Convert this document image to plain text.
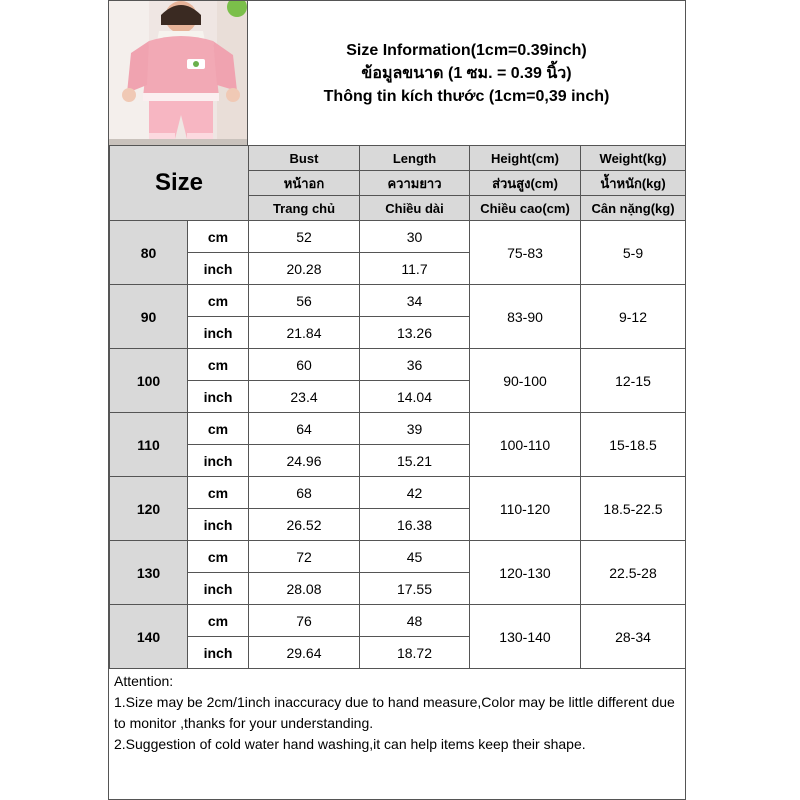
Size Information(1cm=0.39inch)
ข้อมูลขนาด (1 ซม. = 0.39 นิ้ว)
Thông tin kích thước (1cm=0,39 inch)
Size		Bust	Length	Height(cm)	Weight(kg)
		หน้าอก	ความยาว	ส่วนสูง(cm)	น้ำหนัก(kg)
		Trang chủ	Chiều dài	Chiều cao(cm)	Cân nặng(kg)
80	cm	52	30	75-83	5-9
	inch	20.28	11.7		
90	cm	56	34	83-90	9-12
	inch	21.84	13.26		
100	cm	60	36	90-100	12-15
	inch	23.4	14.04		
110	cm	64	39	100-110	15-18.5
	inch	24.96	15.21		
120	cm	68	42	110-120	18.5-22.5
	inch	26.52	16.38		
130	cm	72	45	120-130	22.5-28
	inch	28.08	17.55		
140	cm	76	48	130-140	28-34
	inch	29.64	18.72		

Attention:

1.Size may be 2cm/1inch inaccuracy due to hand measure,Color may be little different due to monitor ,thanks for your understanding.

2.Suggestion of cold water hand washing,it can help items keep their shape.
